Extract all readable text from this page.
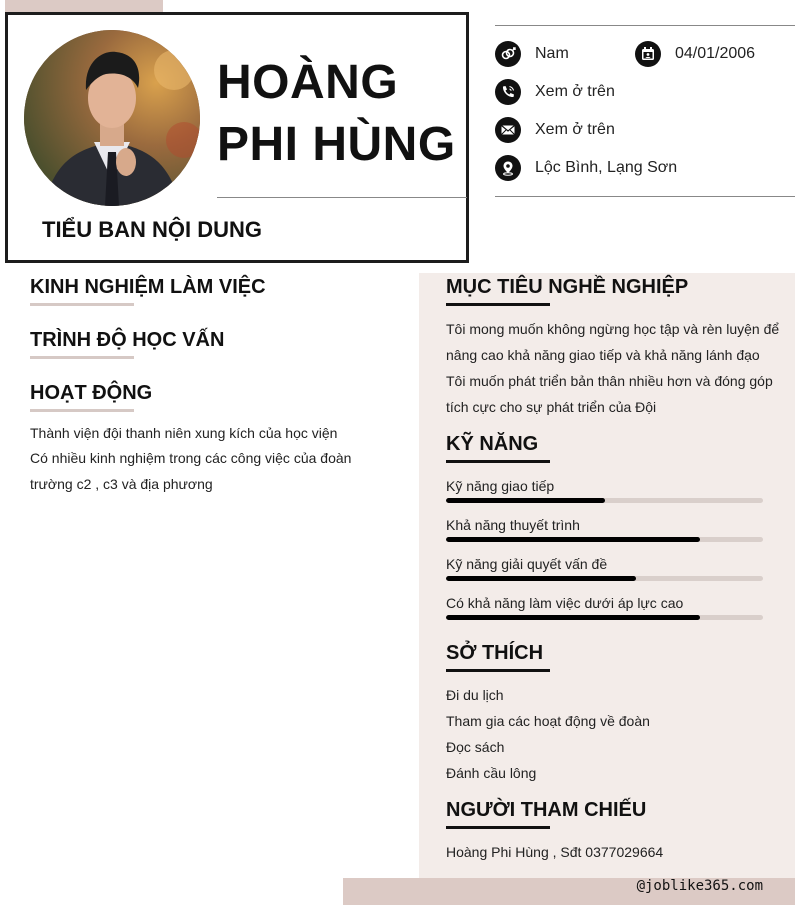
HOÀNG
PHI HÙNG
TIỂU BAN NỘI DUNG
Nam	04/01/2006
Xem ở trên
Xem ở trên
Lộc Bình, Lạng Sơn
KINH NGHIỆM LÀM VIỆC
TRÌNH ĐỘ HỌC VẤN
HOẠT ĐỘNG
Thành viện đội thanh niên xung kích của học viện
Có nhiều kinh nghiệm trong các công việc của đoàn
trường c2 , c3 và địa phương
MỤC TIÊU NGHỀ NGHIỆP
Tôi mong muốn không ngừng học tập và rèn luyện để
nâng cao khả năng giao tiếp và khả năng lánh đạo
Tôi muốn phát triển bản thân nhiều hơn và đóng góp
tích cực cho sự phát triển của Đội
KỸ NĂNG
Kỹ năng giao tiếp
Khả năng thuyết trình
Kỹ năng giải quyết vấn đề
Có khả năng làm việc dưới áp lực cao
SỞ THÍCH
Đi du lịch
Tham gia các hoạt động về đoàn
Đọc sách
Đánh cầu lông
NGƯỜI THAM CHIẾU
Hoàng Phi Hùng , Sđt 0377029664
@joblike365.com
